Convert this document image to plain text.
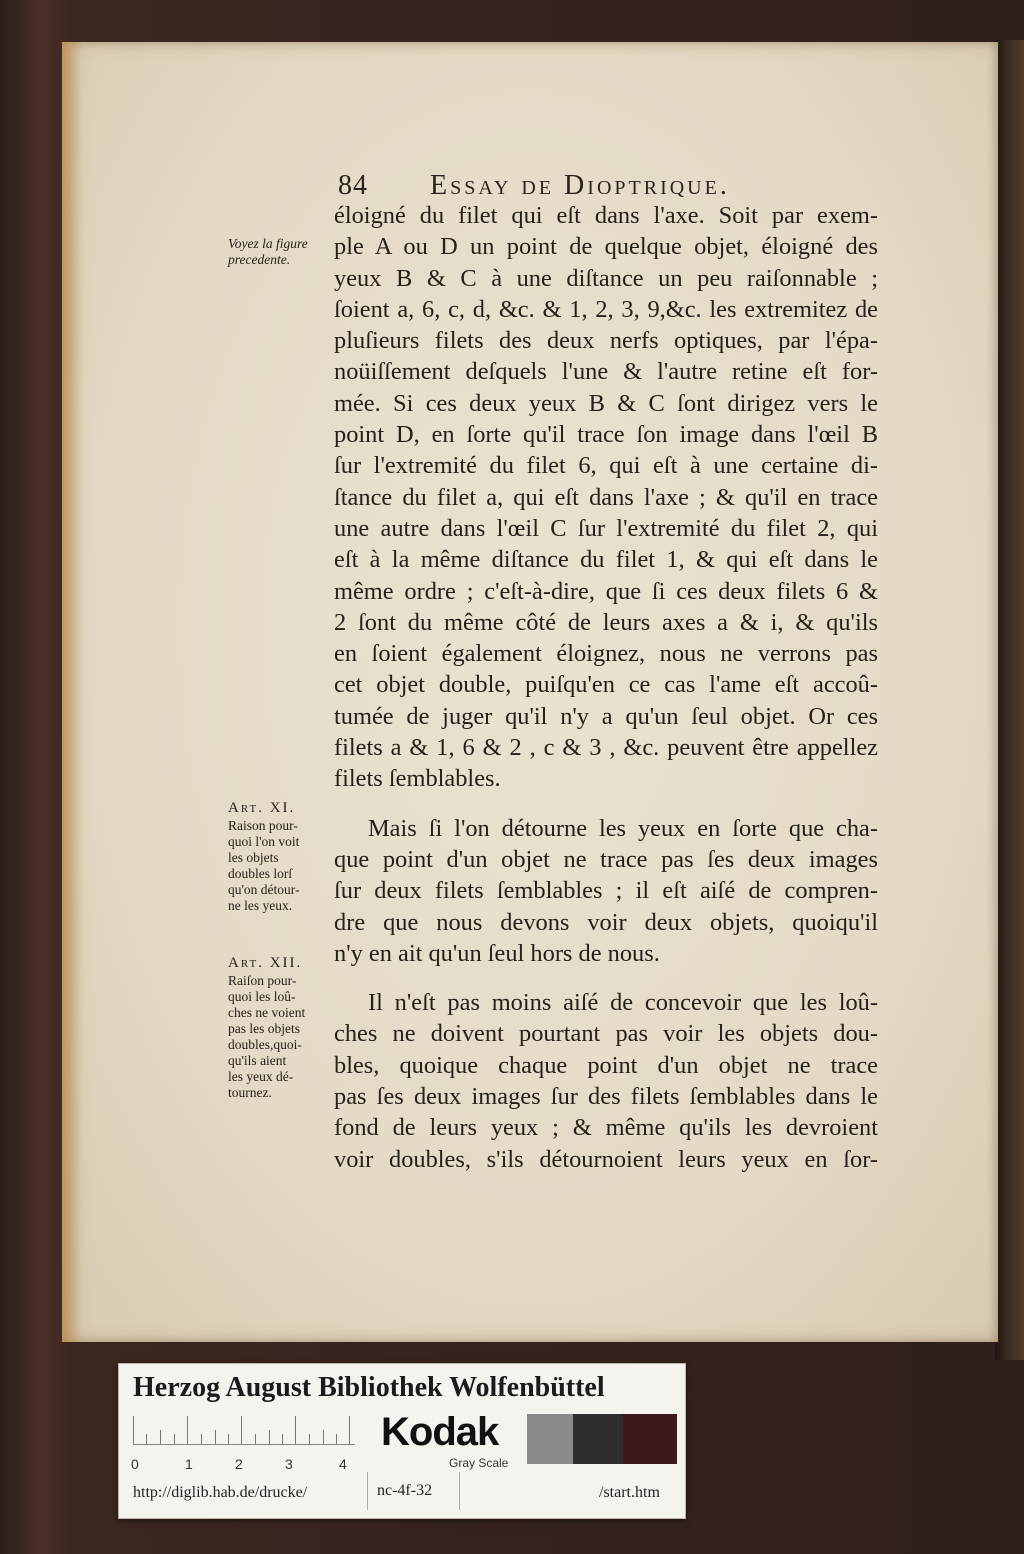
84 Essay de Dioptrique.
Voyez la figure
precedente.
Art. XI.
Raison pour-
quoi l'on voit
les objets
doubles lorſ
qu'on détour-
ne les yeux.
Art. XII.
Raiſon pour-
quoi les loû-
ches ne voient
pas les objets
doubles,quoi-
qu'ils aient
les yeux dé-
tournez.
éloigné du filet qui eſt dans l'axe. Soit par exem-
ple A ou D un point de quelque objet, éloigné des
yeux B & C à une diſtance un peu raiſonnable ;
ſoient a, 6, c, d, &c. & 1, 2, 3, 9,&c. les extremitez de
pluſieurs filets des deux nerfs optiques, par l'épa-
noüiſſement deſquels l'une & l'autre retine eſt for-
mée. Si ces deux yeux B & C ſont dirigez vers le
point D, en ſorte qu'il trace ſon image dans l'œil B
ſur l'extremité du filet 6, qui eſt à une certaine di-
ſtance du filet a, qui eſt dans l'axe ; & qu'il en trace
une autre dans l'œil C ſur l'extremité du filet 2, qui
eſt à la même diſtance du filet 1, & qui eſt dans le
même ordre ; c'eſt-à-dire, que ſi ces deux filets 6 &
2 ſont du même côté de leurs axes a & i, & qu'ils
en ſoient également éloignez, nous ne verrons pas
cet objet double, puiſqu'en ce cas l'ame eſt accoû-
tumée de juger qu'il n'y a qu'un ſeul objet. Or ces
filets a & 1, 6 & 2 , c & 3 , &c. peuvent être appellez
filets ſemblables.
Mais ſi l'on détourne les yeux en ſorte que cha-
que point d'un objet ne trace pas ſes deux images
ſur deux filets ſemblables ; il eſt aiſé de compren-
dre que nous devons voir deux objets, quoiqu'il
n'y en ait qu'un ſeul hors de nous.
Il n'eſt pas moins aiſé de concevoir que les loû-
ches ne doivent pourtant pas voir les objets dou-
bles, quoique chaque point d'un objet ne trace
pas ſes deux images ſur des filets ſemblables dans le
fond de leurs yeux ; & même qu'ils les devroient
voir doubles, s'ils détournoient leurs yeux en ſor-
Herzog August Bibliothek Wolfenbüttel
0	1	2	3	4
Kodak
Gray Scale
http://diglib.hab.de/drucke/	nc-4f-32	/start.htm
